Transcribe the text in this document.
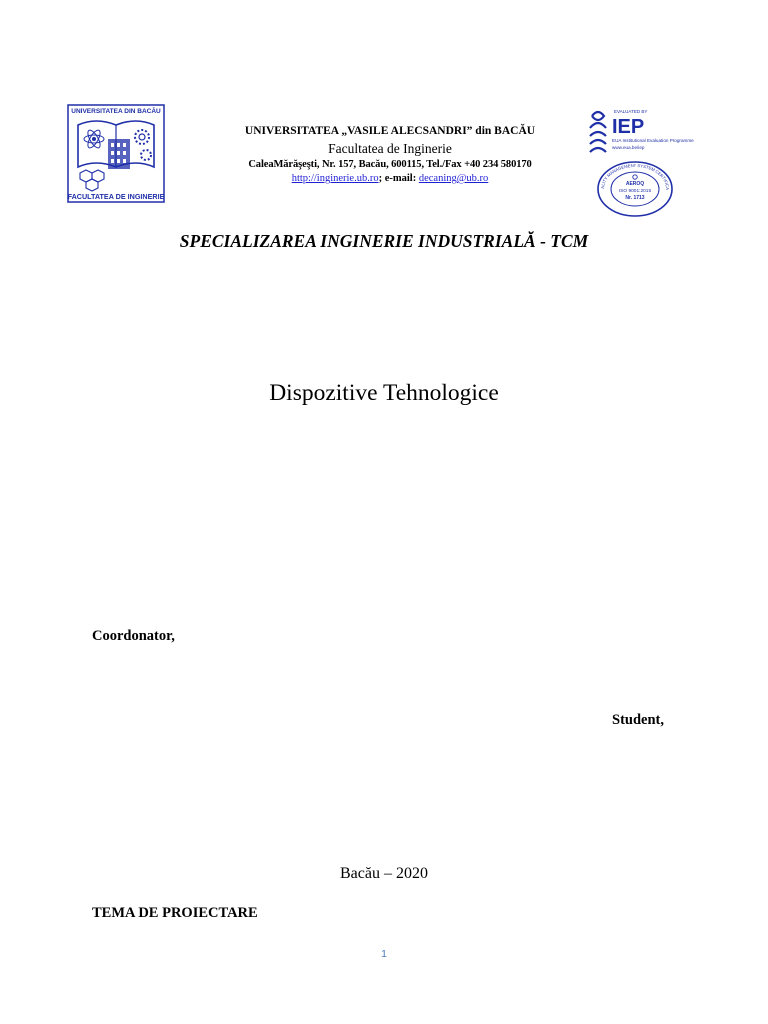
UNIVERSITATEA DIN BACĂU
FACULTATEA DE INGINERIE
UNIVERSITATEA „VASILE ALECSANDRI” din BACĂU
Facultatea de Inginerie
CaleaMărăşeşti, Nr. 157, Bacău, 600115, Tel./Fax +40 234 580170
http://inginerie.ub.ro; e-mail: decaning@ub.ro
EVALUATED BY
IEP
EUA Institutional Evaluation Programme
www.eua.be/iep
ALITY MANAGEMENT SYSTEM CERTIFICA
AEROQ
ISO 9001:2015
Nr. 1713
SPECIALIZAREA INGINERIE INDUSTRIALĂ - TCM
Dispozitive Tehnologice
Coordonator,
Student,
Bacău – 2020
TEMA DE PROIECTARE
1
